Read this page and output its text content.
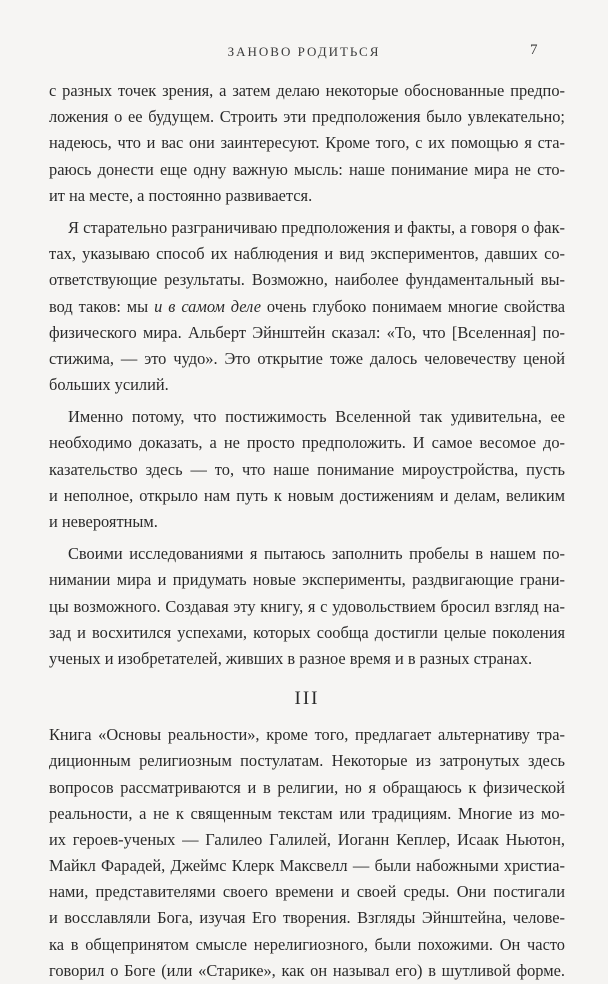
ЗАНОВО РОДИТЬСЯ	7
с разных точек зрения, а затем делаю некоторые обоснованные предпо-
ложения о ее будущем. Строить эти предположения было увлекательно;
надеюсь, что и вас они заинтересуют. Кроме того, с их помощью я ста-
раюсь донести еще одну важную мысль: наше понимание мира не сто-
ит на месте, а постоянно развивается.
Я старательно разграничиваю предположения и факты, а говоря о фак-
тах, указываю способ их наблюдения и вид экспериментов, давших со-
ответствующие результаты. Возможно, наиболее фундаментальный вы-
вод таков: мы и в самом деле очень глубоко понимаем многие свойства
физического мира. Альберт Эйнштейн сказал: «То, что [Вселенная] по-
стижима, — это чудо». Это открытие тоже далось человечеству ценой
больших усилий.
Именно потому, что постижимость Вселенной так удивительна, ее
необходимо доказать, а не просто предположить. И самое весомое до-
казательство здесь — то, что наше понимание мироустройства, пусть
и неполное, открыло нам путь к новым достижениям и делам, великим
и невероятным.
Своими исследованиями я пытаюсь заполнить пробелы в нашем по-
нимании мира и придумать новые эксперименты, раздвигающие грани-
цы возможного. Создавая эту книгу, я с удовольствием бросил взгляд на-
зад и восхитился успехами, которых сообща достигли целые поколения
ученых и изобретателей, живших в разное время и в разных странах.
III
Книга «Основы реальности», кроме того, предлагает альтернативу тра-
диционным религиозным постулатам. Некоторые из затронутых здесь
вопросов рассматриваются и в религии, но я обращаюсь к физической
реальности, а не к священным текстам или традициям. Многие из мо-
их героев-ученых — Галилео Галилей, Иоганн Кеплер, Исаак Ньютон,
Майкл Фарадей, Джеймс Клерк Максвелл — были набожными христиа-
нами, представителями своего времени и своей среды. Они постигали
и восславляли Бога, изучая Его творения. Взгляды Эйнштейна, челове-
ка в общепринятом смысле нерелигиозного, были похожими. Он часто
говорил о Боге (или «Старике», как он называл его) в шутливой форме.
